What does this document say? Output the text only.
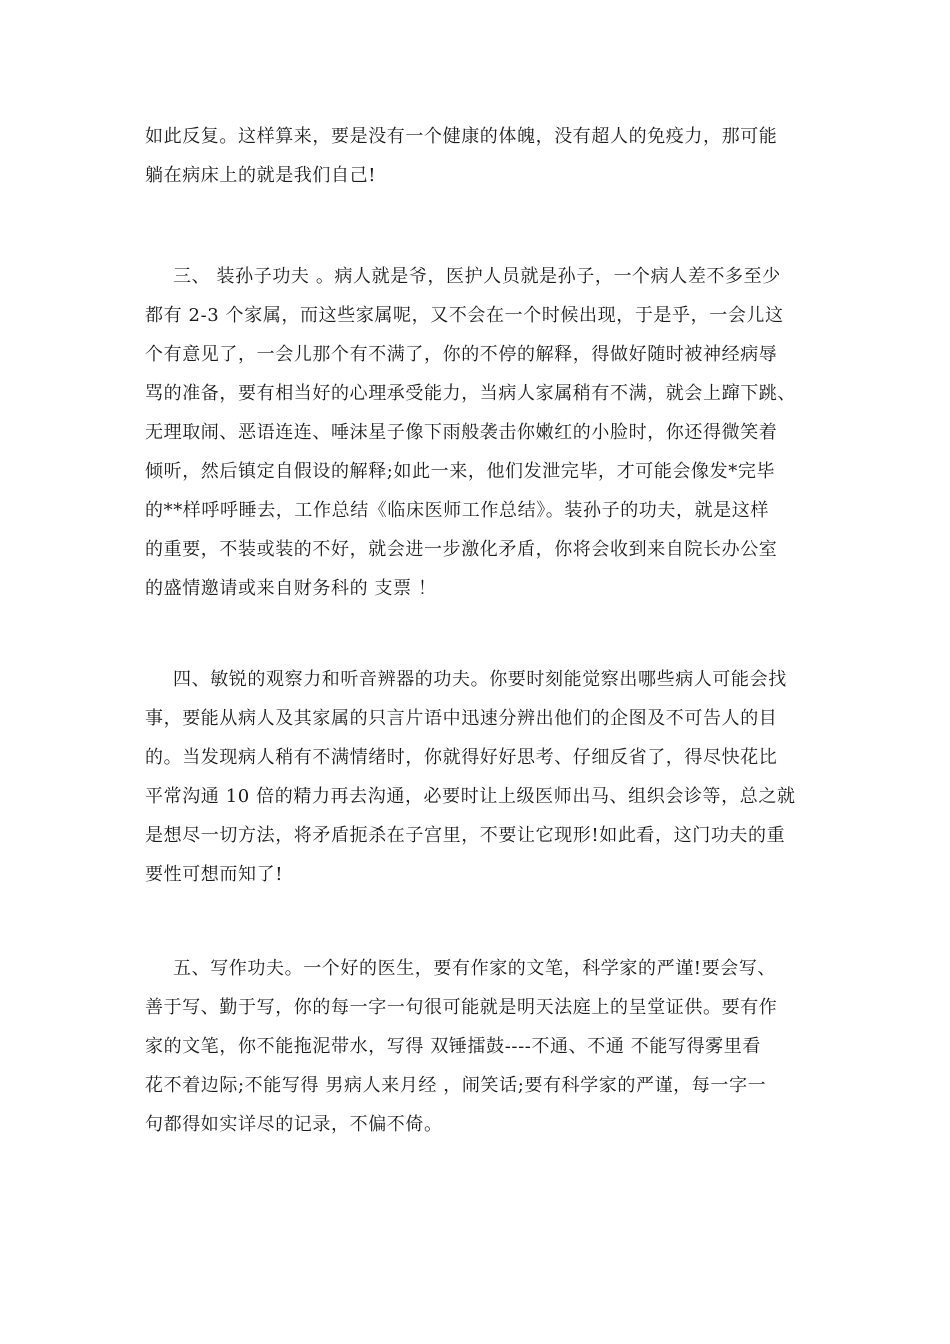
如此反复。这样算来，要是没有一个健康的体魄，没有超人的免疫力，那可能
躺在病床上的就是我们自己!
三、 装孙子功夫 。病人就是爷，医护人员就是孙子，一个病人差不多至少
都有 2-3 个家属，而这些家属呢，又不会在一个时候出现，于是乎，一会儿这
个有意见了，一会儿那个有不满了，你的不停的解释，得做好随时被神经病辱
骂的准备，要有相当好的心理承受能力，当病人家属稍有不满，就会上蹿下跳、
无理取闹、恶语连连、唾沫星子像下雨般袭击你嫩红的小脸时，你还得微笑着
倾听，然后镇定自假设的解释;如此一来，他们发泄完毕，才可能会像发*完毕
的**样呼呼睡去，工作总结《临床医师工作总结》。装孙子的功夫，就是这样
的重要，不装或装的不好，就会进一步激化矛盾，你将会收到来自院长办公室
的盛情邀请或来自财务科的 支票 ！
四、敏锐的观察力和听音辨器的功夫。你要时刻能觉察出哪些病人可能会找
事，要能从病人及其家属的只言片语中迅速分辨出他们的企图及不可告人的目
的。当发现病人稍有不满情绪时，你就得好好思考、仔细反省了，得尽快花比
平常沟通 10 倍的精力再去沟通，必要时让上级医师出马、组织会诊等，总之就
是想尽一切方法，将矛盾扼杀在子宫里，不要让它现形!如此看，这门功夫的重
要性可想而知了!
五、写作功夫。一个好的医生，要有作家的文笔，科学家的严谨!要会写、
善于写、勤于写，你的每一字一句很可能就是明天法庭上的呈堂证供。要有作
家的文笔，你不能拖泥带水，写得 双锤擂鼓----不通、不通 不能写得雾里看
花不着边际;不能写得 男病人来月经 ，闹笑话;要有科学家的严谨，每一字一
句都得如实详尽的记录，不偏不倚。
